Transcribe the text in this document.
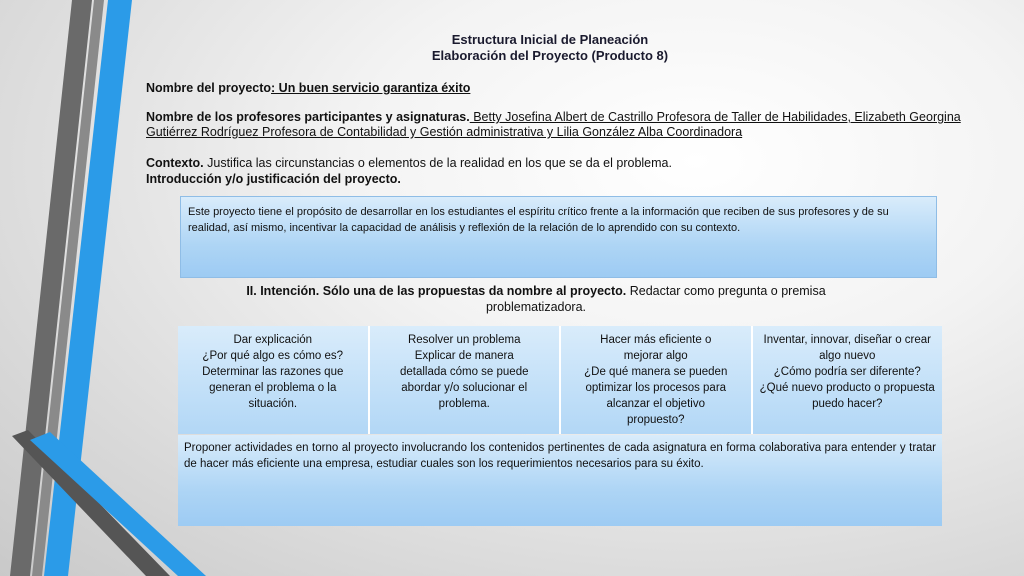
Estructura Inicial de Planeación
Elaboración del Proyecto (Producto 8)
Nombre del proyecto: Un buen servicio garantiza éxito
Nombre de los profesores participantes y asignaturas. Betty Josefina Albert de Castrillo Profesora de Taller de Habilidades, Elizabeth Georgina Gutiérrez Rodríguez Profesora de Contabilidad y Gestión administrativa y Lilia González Alba Coordinadora
Contexto. Justifica las circunstancias o elementos de la realidad en los que se da el problema.
Introducción y/o justificación del proyecto.
Este proyecto tiene el propósito de desarrollar en los estudiantes el espíritu crítico frente a la información que reciben de sus profesores y de su realidad, así mismo, incentivar la capacidad de análisis y reflexión de la relación de lo aprendido con su contexto.
II. Intención. Sólo una de las propuestas da nombre al proyecto. Redactar como pregunta o premisa problematizadora.
Dar explicación
¿Por qué algo es cómo es?
Determinar las razones que
generan el problema o la
situación.
Resolver un problema
Explicar de manera
detallada cómo se puede
abordar y/o solucionar el
problema.
Hacer más eficiente o
mejorar algo
¿De qué manera se pueden
optimizar los procesos para
alcanzar el objetivo
propuesto?
Inventar, innovar, diseñar o crear
algo nuevo
¿Cómo podría ser diferente?
¿Qué nuevo producto o propuesta
puedo hacer?
Proponer actividades en torno al proyecto involucrando los contenidos pertinentes de cada asignatura en forma colaborativa para entender y tratar de hacer más eficiente una empresa, estudiar cuales son los requerimientos necesarios para su éxito.
